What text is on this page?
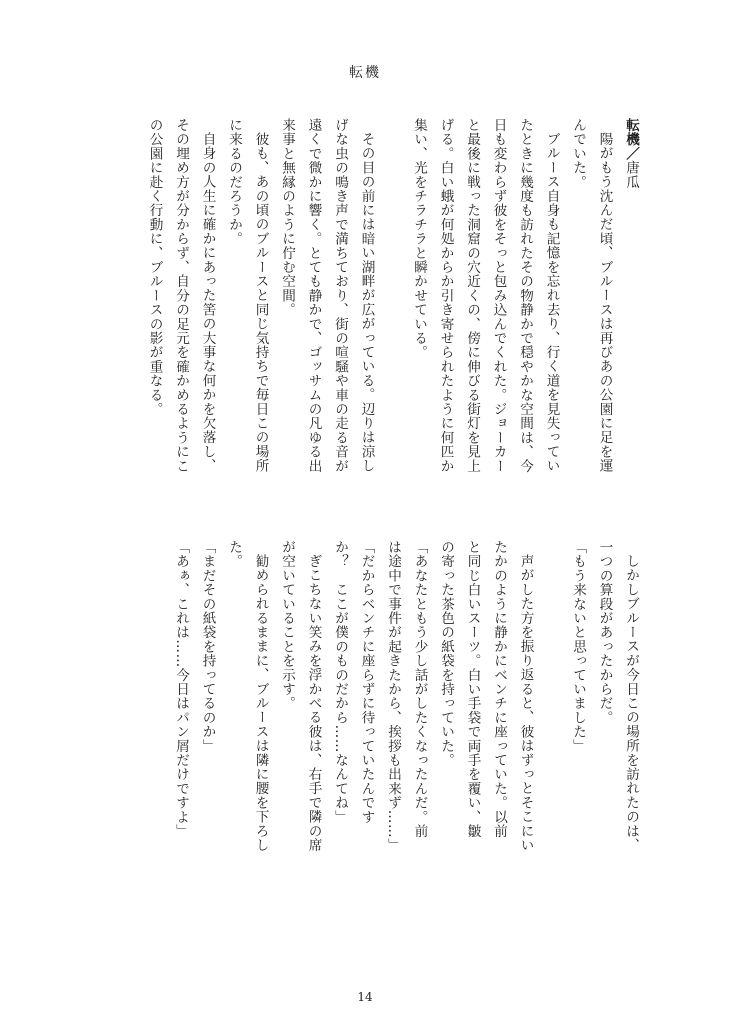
転機

転機／唐瓜

陽がもう沈んだ頃、ブルースは再びあの公園に足を運んでいた。

ブルース自身も記憶を忘れ去り、行く道を見失っていたときに幾度も訪れたその物静かで穏やかな空間は、今日も変わらず彼をそっと包み込んでくれた。ジョーカーと最後に戦った洞窟の穴近くの、傍に伸びる街灯を見上げる。白い蛾が何処からか引き寄せられたように何匹か集い、光をチラチラと瞬かせている。

その目の前には暗い湖畔が広がっている。辺りは涼しげな虫の鳴き声で満ちており、街の喧騒や車の走る音が遠くで微かに響く。とても静かで、ゴッサムの凡ゆる出来事と無縁のように佇む空間。

彼も、あの頃のブルースと同じ気持ちで毎日この場所に来るのだろうか。

自身の人生に確かにあった筈の大事な何かを欠落し、その埋め方が分からず、自分の足元を確かめるようにこの公園に赴く行動に、ブルースの影が重なる。

しかしブルースが今日この場所を訪れたのは、一つの算段があったからだ。

「もう来ないと思っていました」

声がした方を振り返ると、彼はずっとそこにいたかのように静かにベンチに座っていた。以前と同じ白いスーツ。白い手袋で両手を覆い、皺の寄った茶色の紙袋を持っていた。

「あなたともう少し話がしたくなったんだ。前は途中で事件が起きたから、挨拶も出来ず……」

「だからベンチに座らずに待っていたんですか？　ここが僕のものだから……なんてね」

ぎこちない笑みを浮かべる彼は、右手で隣の席が空いていることを示す。

勧められるままに、ブルースは隣に腰を下ろした。

「まだその紙袋を持ってるのか」

「あぁ、これは……今日はパン屑だけですよ」

14
